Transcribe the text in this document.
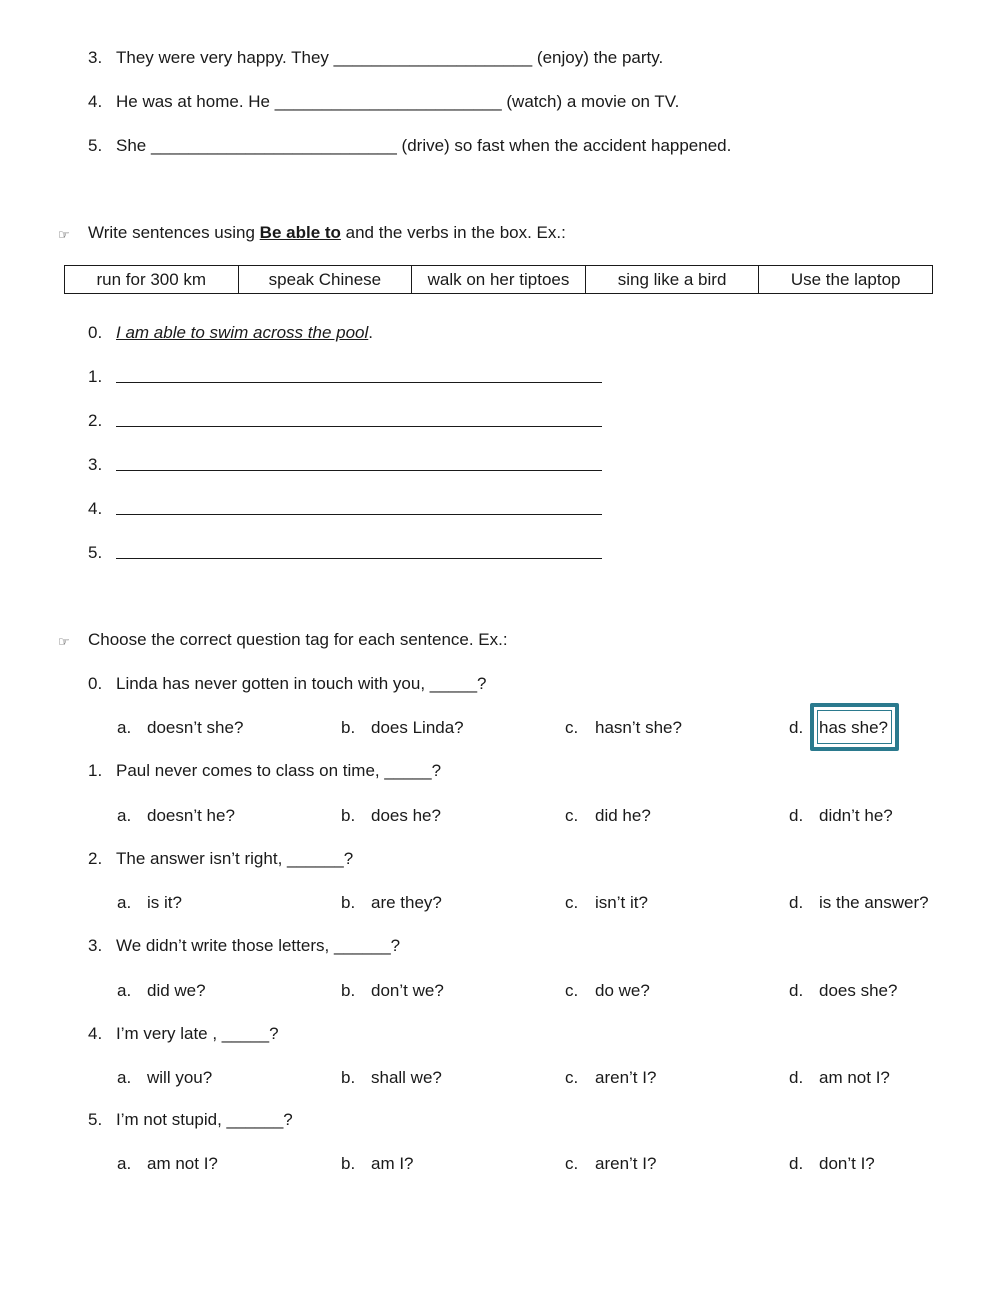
3. They were very happy. They _____________________ (enjoy) the party.
4. He was at home. He ________________________ (watch) a movie on TV.
5. She __________________________ (drive) so fast when the accident happened.
☞ Write sentences using Be able to and the verbs in the box. Ex.:
run for 300 km	speak Chinese	walk on her tiptoes	sing like a bird	Use the laptop
0. I am able to swim across the pool.
1.
2.
3.
4.
5.
☞ Choose the correct question tag for each sentence. Ex.:
0. Linda has never gotten in touch with you, _____?
a. doesn’t she?	b. does Linda?	c. hasn’t she?	d. has she?
1. Paul never comes to class on time, _____?
a. doesn’t he?	b. does he?	c. did he?	d. didn’t he?
2. The answer isn’t right, ______?
a. is it?	b. are they?	c. isn’t it?	d. is the answer?
3. We didn’t write those letters, ______?
a. did we?	b. don’t we?	c. do we?	d. does she?
4. I’m very late , _____?
a. will you?	b. shall we?	c. aren’t I?	d. am not I?
5. I’m not stupid, ______?
a. am not I?	b. am I?	c. aren’t I?	d. don’t I?
